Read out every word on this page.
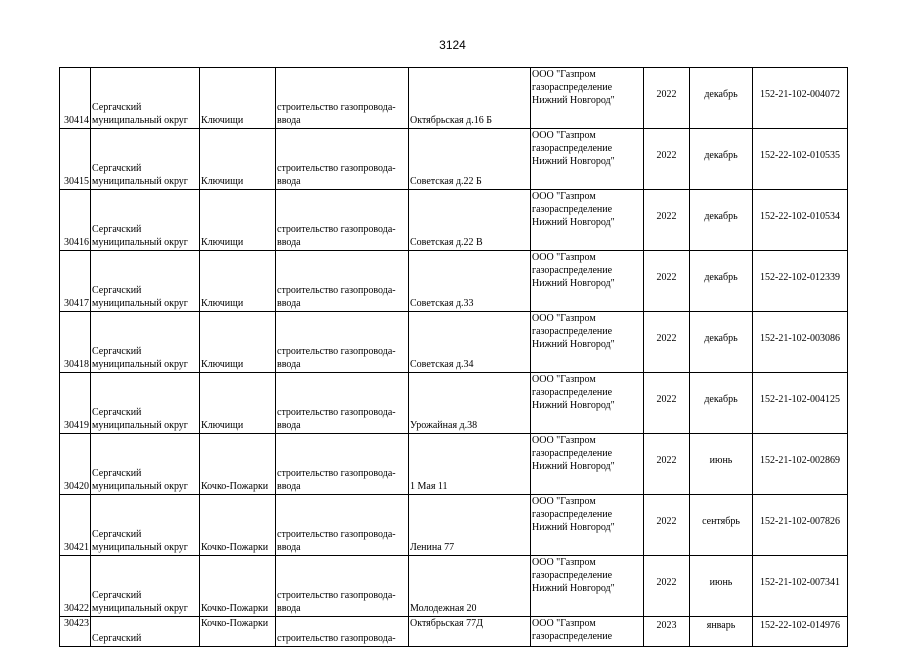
3124
30414	Сергачский
муниципальный округ	Ключищи	строительство газопровода-
ввода	Октябрьская д.16 Б	ООО "Газпром
газораспределение
Нижний Новгород"	2022	декабрь	152-21-102-004072
30415	Сергачский
муниципальный округ	Ключищи	строительство газопровода-
ввода	Советская д.22 Б	ООО "Газпром
газораспределение
Нижний Новгород"	2022	декабрь	152-22-102-010535
30416	Сергачский
муниципальный округ	Ключищи	строительство газопровода-
ввода	Советская д.22 В	ООО "Газпром
газораспределение
Нижний Новгород"	2022	декабрь	152-22-102-010534
30417	Сергачский
муниципальный округ	Ключищи	строительство газопровода-
ввода	Советская д.33	ООО "Газпром
газораспределение
Нижний Новгород"	2022	декабрь	152-22-102-012339
30418	Сергачский
муниципальный округ	Ключищи	строительство газопровода-
ввода	Советская д.34	ООО "Газпром
газораспределение
Нижний Новгород"	2022	декабрь	152-21-102-003086
30419	Сергачский
муниципальный округ	Ключищи	строительство газопровода-
ввода	Урожайная д.38	ООО "Газпром
газораспределение
Нижний Новгород"	2022	декабрь	152-21-102-004125
30420	Сергачский
муниципальный округ	Кочко-Пожарки	строительство газопровода-
ввода	1 Мая 11	ООО "Газпром
газораспределение
Нижний Новгород"	2022	июнь	152-21-102-002869
30421	Сергачский
муниципальный округ	Кочко-Пожарки	строительство газопровода-
ввода	Ленина 77	ООО "Газпром
газораспределение
Нижний Новгород"	2022	сентябрь	152-21-102-007826
30422	Сергачский
муниципальный округ	Кочко-Пожарки	строительство газопровода-
ввода	Молодежная 20	ООО "Газпром
газораспределение
Нижний Новгород"	2022	июнь	152-21-102-007341
30423	Сергачский	Кочко-Пожарки	строительство газопровода-	Октябрьская 77Д	ООО "Газпром
газораспределение	2023	январь	152-22-102-014976
